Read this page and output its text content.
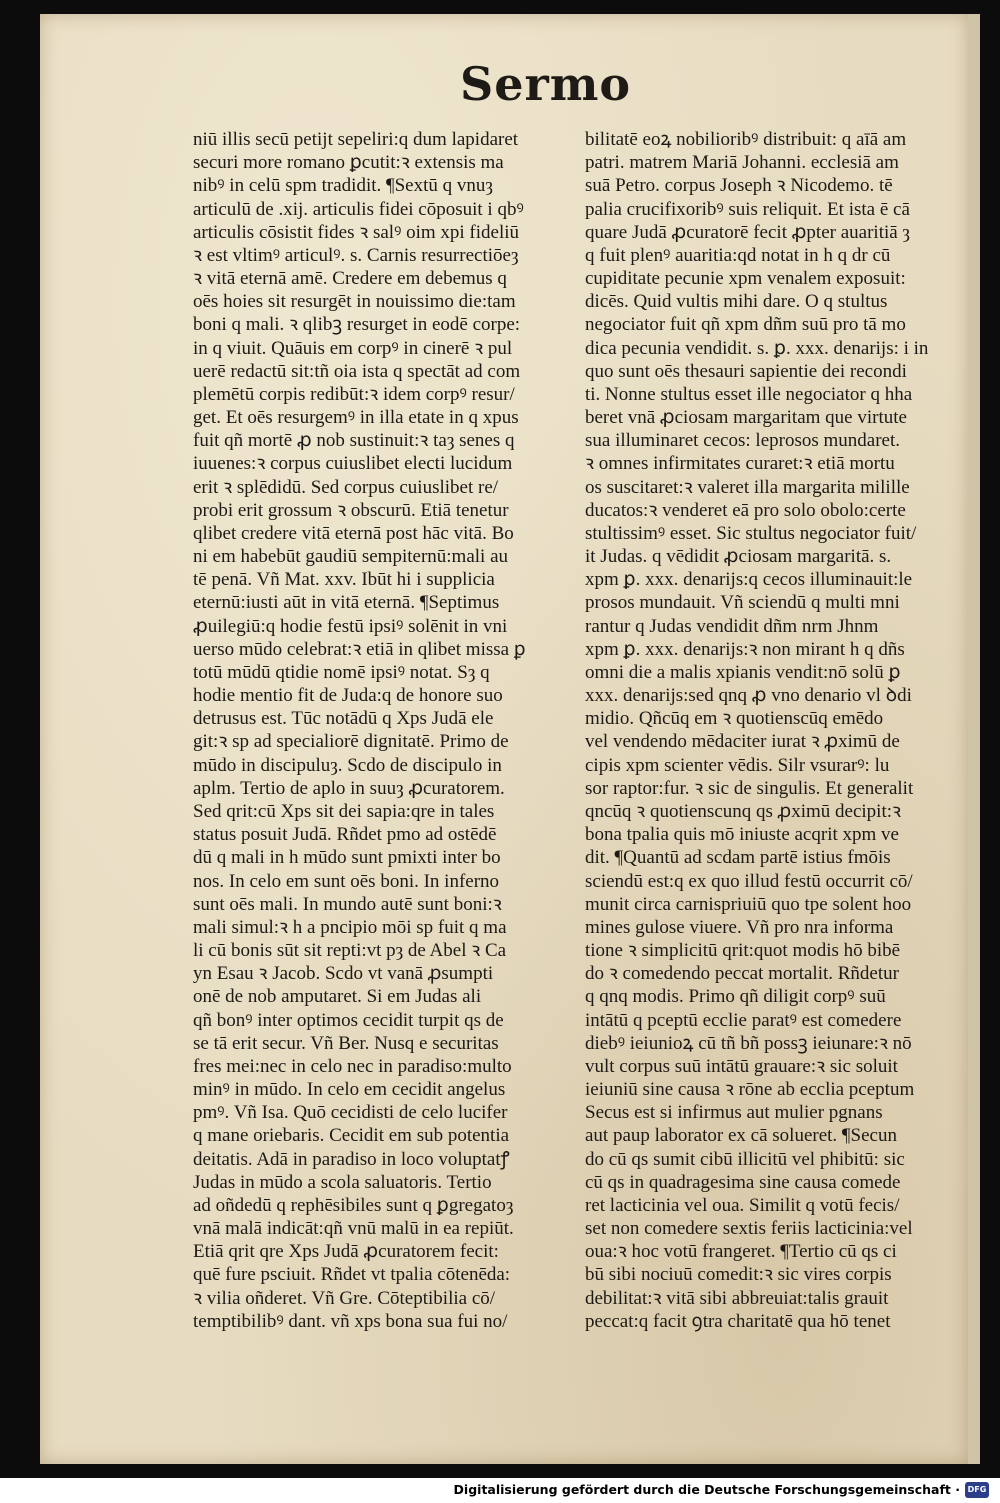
Sermo
niū illis secū petijt sepeliri:q dum lapidaret
securi more romano ꝑcutit:ꝛ extensis ma
nibꝰ in celū spm tradidit. ¶Sextū q vnuȝ
articulū de .xij. articulis fidei cōposuit i qbꝰ
articulis cōsistit fides ꝛ salꝰ oim xpi fideliū
ꝛ est vltimꝰ articulꝰ. s. Carnis resurrectiōeȝ
ꝛ vitā eternā amē. Credere em debemus q
oēs hoies sit resurgēt in nouissimo die:tam
boni q mali. ꝛ qlibꝫ resurget in eodē corpe:
in q viuit. Quāuis em corpꝰ in cinerē ꝛ pul
uerē redactū sit:tñ oia ista q spectāt ad com
plemētū corpis redibūt:ꝛ idem corpꝰ resur/
get. Et oēs resurgemꝰ in illa etate in q xpus
fuit qñ mortē ꝓ nob sustinuit:ꝛ taȝ senes q
iuuenes:ꝛ corpus cuiuslibet electi lucidum
erit ꝛ splēdidū. Sed corpus cuiuslibet re/
probi erit grossum ꝛ obscurū. Etiā tenetur
qlibet credere vitā eternā post hāc vitā. Bo
ni em habebūt gaudiū sempiternū:mali au
tē penā. Vñ Mat. xxv. Ibūt hi i supplicia
eternū:iusti aūt in vitā eternā. ¶Septimus
ꝓuilegiū:q hodie festū ipsiꝰ solēnit in vni
uerso mūdo celebrat:ꝛ etiā in qlibet missa ꝑ
totū mūdū qtidie nomē ipsiꝰ notat. Sȝ q
hodie mentio fit de Juda:q de honore suo
detrusus est. Tūc notādū q Xps Judā ele
git:ꝛ sp ad specialiorē dignitatē. Primo de
mūdo in discipuluȝ. Scdo de discipulo in
aplm. Tertio de aplo in suuȝ ꝓcuratorem.
Sed qrit:cū Xps sit dei sapia:qre in tales
status posuit Judā. Rñdet pmo ad ostēdē
dū q mali in h mūdo sunt pmixti inter bo
nos. In celo em sunt oēs boni. In inferno
sunt oēs mali. In mundo autē sunt boni:ꝛ
mali simul:ꝛ h a pncipio mōi sp fuit q ma
li cū bonis sūt sit repti:vt pȝ de Abel ꝛ Ca
yn Esau ꝛ Jacob. Scdo vt vanā ꝓsumpti
onē de nob amputaret. Si em Judas ali
qñ bonꝰ inter optimos cecidit turpit qs de
se tā erit secur. Vñ Ber. Nusq e securitas
fres mei:nec in celo nec in paradiso:multo
minꝰ in mūdo. In celo em cecidit angelus
pmꝰ. Vñ Isa. Quō cecidisti de celo lucifer
q mane oriebaris. Cecidit em sub potentia
deitatis. Adā in paradiso in loco voluptatꝭ
Judas in mūdo a scola saluatoris. Tertio
ad oñdedū q rephēsibiles sunt q ꝑgregatoȝ
vnā malā indicāt:qñ vnū malū in ea repiūt.
Etiā qrit qre Xps Judā ꝓcuratorem fecit:
quē fure psciuit. Rñdet vt tpalia cōtenēda:
ꝛ vilia oñderet. Vñ Gre. Cōteptibilia cō/
temptibilibꝰ dant. vñ xps bona sua fui no/
bilitatē eoꝝ nobilioribꝰ distribuit: q aīā am
patri. matrem Mariā Johanni. ecclesiā am
suā Petro. corpus Joseph ꝛ Nicodemo. tē
palia crucifixoribꝰ suis reliquit. Et ista ē cā
quare Judā ꝓcuratorē fecit ꝓpter auaritiā ȝ
q fuit plenꝰ auaritia:qd notat in h q dr cū
cupiditate pecunie xpm venalem exposuit:
dicēs. Quid vultis mihi dare. O q stultus
negociator fuit qñ xpm dñm suū pro tā mo
dica pecunia vendidit. s. ꝑ. xxx. denarijs: i in
quo sunt oēs thesauri sapientie dei recondi
ti. Nonne stultus esset ille negociator q hha
beret vnā ꝓciosam margaritam que virtute
sua illuminaret cecos: leprosos mundaret.
ꝛ omnes infirmitates curaret:ꝛ etiā mortu
os suscitaret:ꝛ valeret illa margarita milille
ducatos:ꝛ venderet eā pro solo obolo:certe
stultissimꝰ esset. Sic stultus negociator fuit/
it Judas. q vēdidit ꝓciosam margaritā. s.
xpm ꝑ. xxx. denarijs:q cecos illuminauit:le
prosos mundauit. Vñ sciendū q multi mni
rantur q Judas vendidit dñm nrm Jhnm
xpm ꝑ. xxx. denarijs:ꝛ non mirant h q dñs
omni die a malis xpianis vendit:nō solū ꝑ
xxx. denarijs:sed qnq ꝓ vno denario vl ꝺdi
midio. Qñcūq em ꝛ quotienscūq emēdo
vel vendendo mēdaciter iurat ꝛ ꝓximū de
cipis xpm scienter vēdis. Silr vsurarꝰ: lu
sor raptor:fur. ꝛ sic de singulis. Et generalit
qncūq ꝛ quotienscunq qs ꝓximū decipit:ꝛ
bona tpalia quis mō iniuste acqrit xpm ve
dit. ¶Quantū ad scdam partē istius fmōis
sciendū est:q ex quo illud festū occurrit cō/
munit circa carnispriuiū quo tpe solent hoo
mines gulose viuere. Vñ pro nra informa
tione ꝛ simplicitū qrit:quot modis hō bibē
do ꝛ comedendo peccat mortalit. Rñdetur
q qnq modis. Primo qñ diligit corpꝰ suū
intātū q pceptū ecclie paratꝰ est comedere
diebꝰ ieiunioꝝ cū tñ bñ possꝫ ieiunare:ꝛ nō
vult corpus suū intātū grauare:ꝛ sic soluit
ieiuniū sine causa ꝛ rōne ab ecclia pceptum
Secus est si infirmus aut mulier pgnans
aut paup laborator ex cā solueret. ¶Secun
do cū qs sumit cibū illicitū vel phibitū: sic
cū qs in quadragesima sine causa comede
ret lacticinia vel oua. Similit q votū fecis/
set non comedere sextis feriis lacticinia:vel
oua:ꝛ hoc votū frangeret. ¶Tertio cū qs ci
bū sibi nociuū comedit:ꝛ sic vires corpis
debilitat:ꝛ vitā sibi abbreuiat:talis grauit
peccat:q facit ꝯtra charitatē qua hō tenet
Digitalisierung gefördert durch die Deutsche Forschungsgemeinschaft · DFG
